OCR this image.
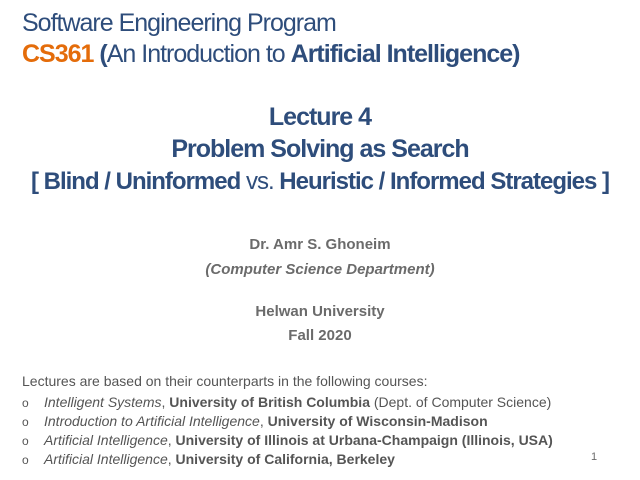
Software Engineering Program
CS361 (An Introduction to Artificial Intelligence)
Lecture 4
Problem Solving as Search
[ Blind / Uninformed vs. Heuristic / Informed Strategies ]
Dr. Amr S. Ghoneim
(Computer Science Department)
Helwan University
Fall 2020
Lectures are based on their counterparts in the following courses:
o Intelligent Systems, University of British Columbia (Dept. of Computer Science)
o Introduction to Artificial Intelligence, University of Wisconsin-Madison
o Artificial Intelligence, University of Illinois at Urbana-Champaign (Illinois, USA)
o Artificial Intelligence, University of California, Berkeley	1
